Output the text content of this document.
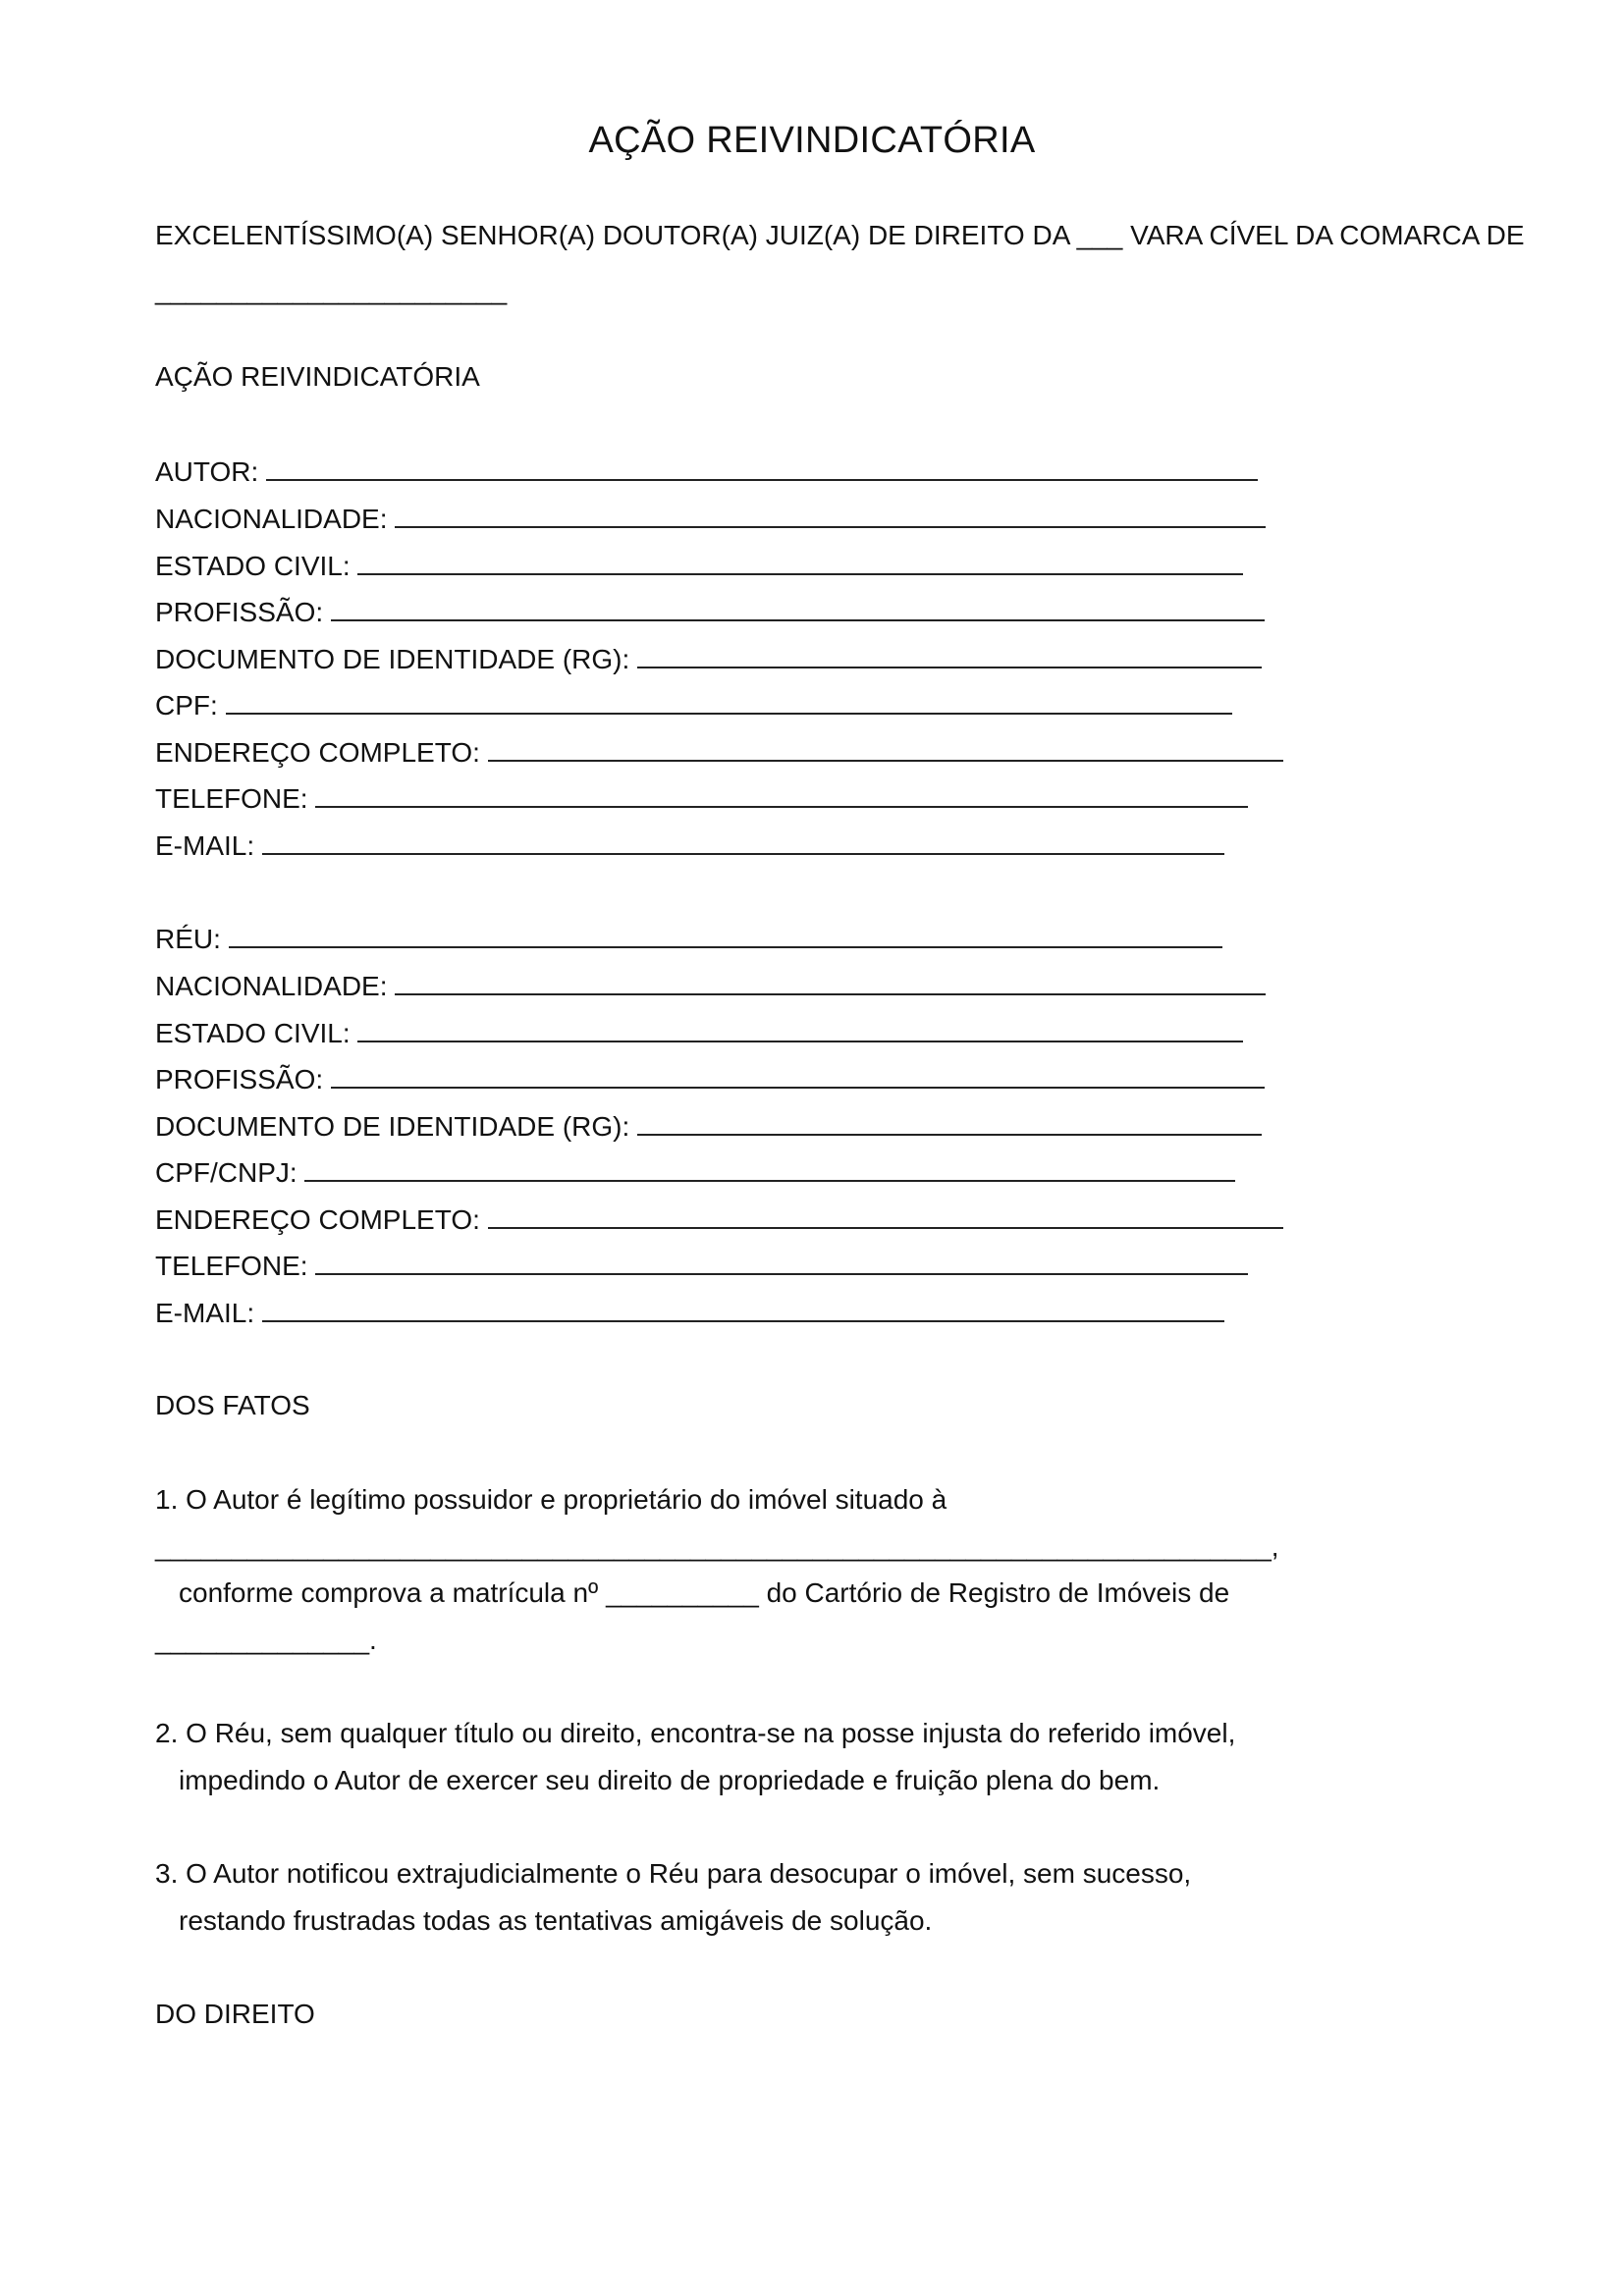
AÇÃO REIVINDICATÓRIA
EXCELENTÍSSIMO(A) SENHOR(A) DOUTOR(A) JUIZ(A) DE DIREITO DA ___ VARA CÍVEL DA COMARCA DE
_______________________
AÇÃO REIVINDICATÓRIA
AUTOR:
NACIONALIDADE:
ESTADO CIVIL:
PROFISSÃO:
DOCUMENTO DE IDENTIDADE (RG):
CPF:
ENDEREÇO COMPLETO:
TELEFONE:
E-MAIL:
RÉU:
NACIONALIDADE:
ESTADO CIVIL:
PROFISSÃO:
DOCUMENTO DE IDENTIDADE (RG):
CPF/CNPJ:
ENDEREÇO COMPLETO:
TELEFONE:
E-MAIL:
DOS FATOS
1. O Autor é legítimo possuidor e proprietário do imóvel situado à
_________________________________________________________________________,
conforme comprova a matrícula nº __________ do Cartório de Registro de Imóveis de
______________.
2. O Réu, sem qualquer título ou direito, encontra-se na posse injusta do referido imóvel,
impedindo o Autor de exercer seu direito de propriedade e fruição plena do bem.
3. O Autor notificou extrajudicialmente o Réu para desocupar o imóvel, sem sucesso,
restando frustradas todas as tentativas amigáveis de solução.
DO DIREITO
